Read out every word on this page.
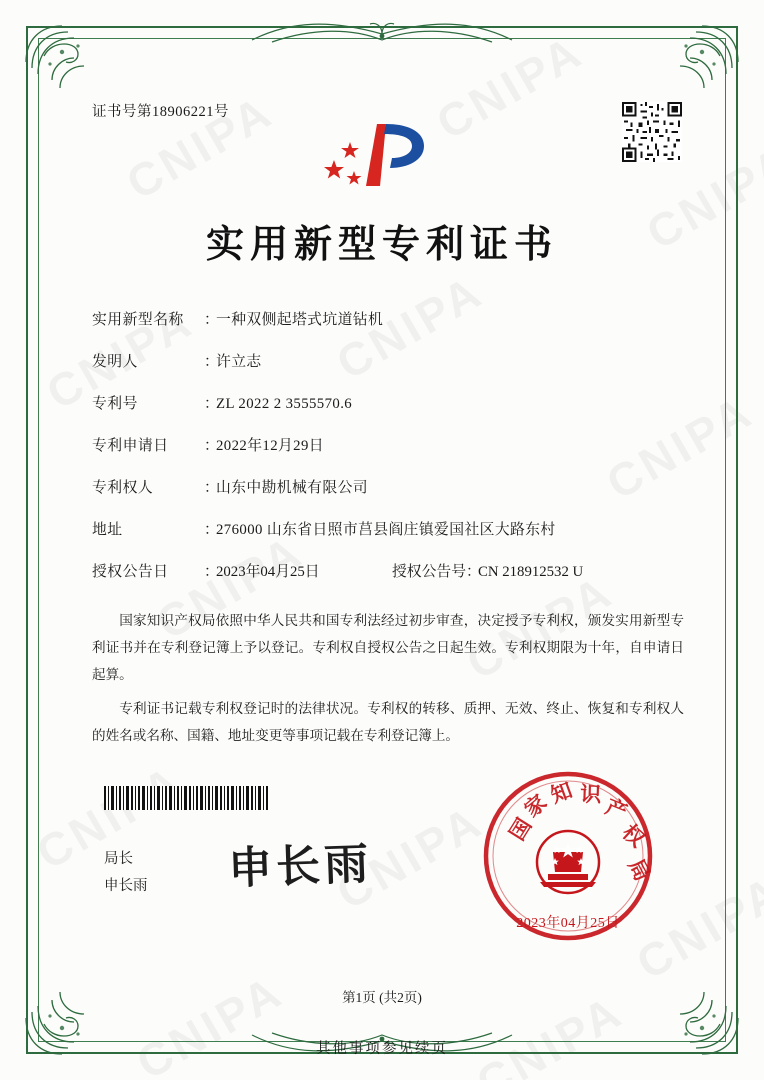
证书号第18906221号
实用新型专利证书
实用新型名称	：
一种双侧起塔式坑道钻机
发明人	：
许立志
专利号	：
ZL 2022 2 3555570.6
专利申请日 ：
2022年12月29日
专利权人	：
山东中勘机械有限公司
地址	：
276000 山东省日照市莒县阎庄镇爱国社区大路东村
授权公告日	：
2023年04月25日	授权公告号 ：
CN 218912532 U

国家知识产权局依照中华人民共和国专利法经过初步审查，决定授予专利权，颁发实用新型专利证书并在专利登记簿上予以登记。专利权自授权公告之日起生效。专利权期限为十年，自申请日起算。

专利证书记载专利权登记时的法律状况。专利权的转移、质押、无效、终止、恢复和专利权人的姓名或名称、国籍、地址变更等事项记载在专利登记簿上。

局长
申长雨 申长雨
国
家
知 识
产
权
局
2023年04月25日
第1页 (共2页)
其他事项参见续页
